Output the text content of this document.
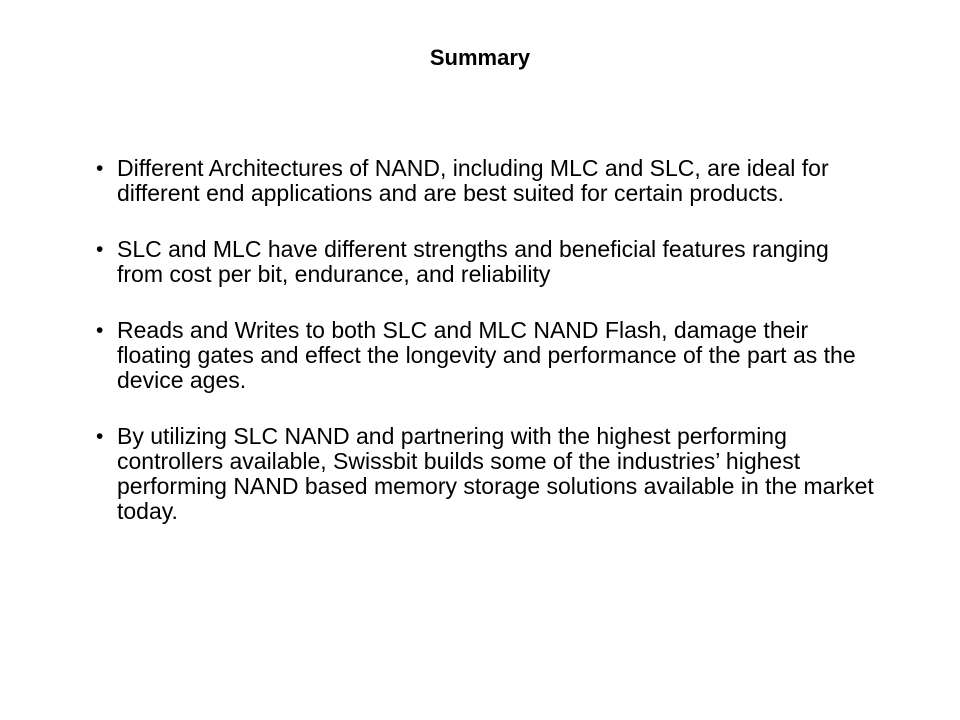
Summary
• Different Architectures of NAND, including MLC and SLC, are ideal for different end applications and are best suited for certain products.
• SLC and MLC have different strengths and beneficial features ranging from cost per bit, endurance, and reliability
• Reads and Writes to both SLC and MLC NAND Flash, damage their floating gates and effect the longevity and performance of the part as the device ages.
• By utilizing SLC NAND and partnering with the highest performing controllers available, Swissbit builds some of the industries’ highest performing NAND based memory storage solutions available in the market today.
